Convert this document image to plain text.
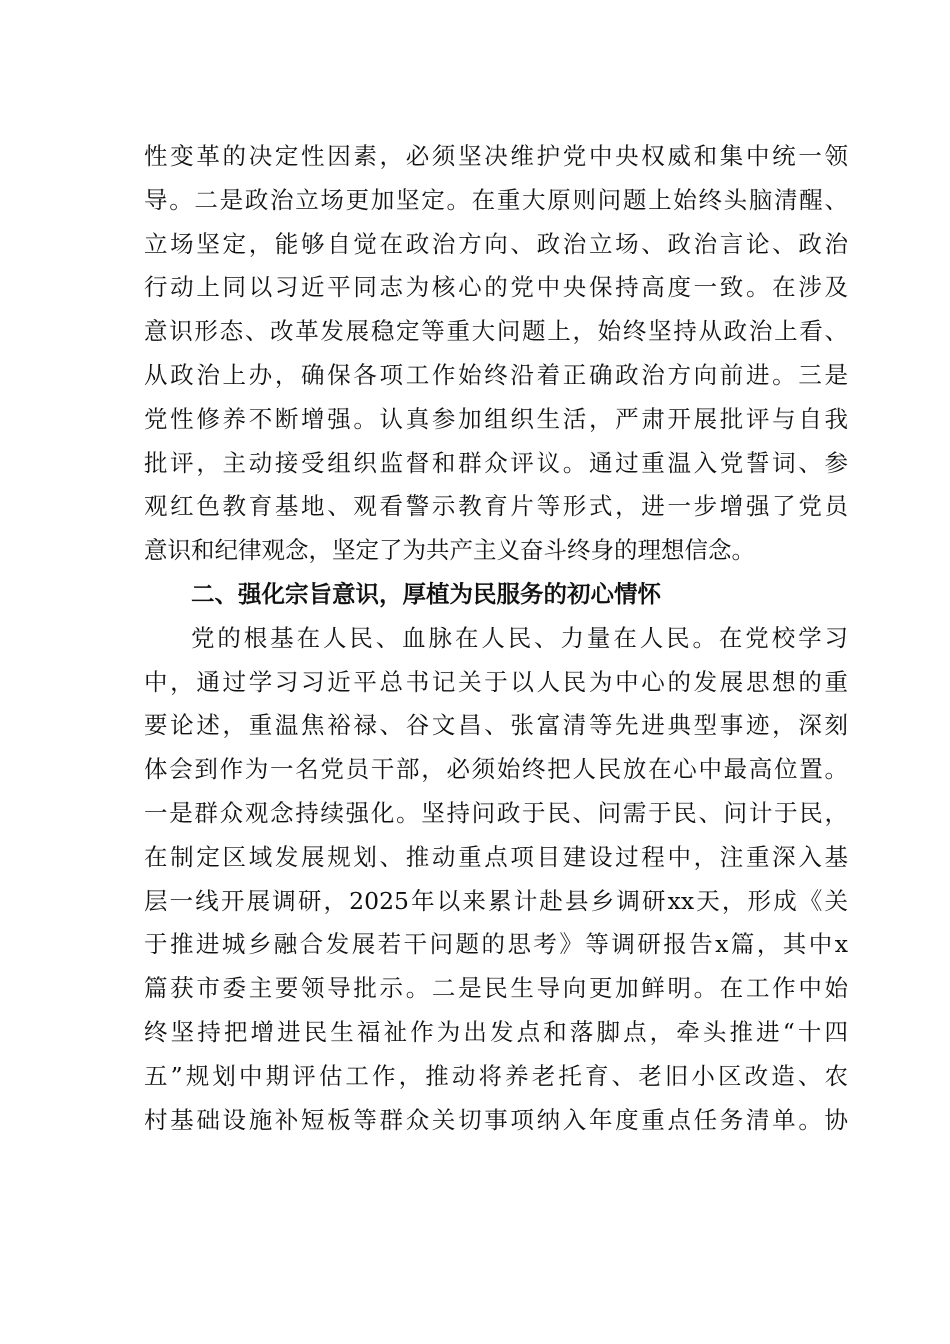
性变革的决定性因素，必须坚决维护党中央权威和集中统一领
导。二是政治立场更加坚定。在重大原则问题上始终头脑清醒、
立场坚定，能够自觉在政治方向、政治立场、政治言论、政治
行动上同以习近平同志为核心的党中央保持高度一致。在涉及
意识形态、改革发展稳定等重大问题上，始终坚持从政治上看、
从政治上办，确保各项工作始终沿着正确政治方向前进。三是
党性修养不断增强。认真参加组织生活，严肃开展批评与自我
批评，主动接受组织监督和群众评议。通过重温入党誓词、参
观红色教育基地、观看警示教育片等形式，进一步增强了党员
意识和纪律观念，坚定了为共产主义奋斗终身的理想信念。
二、强化宗旨意识，厚植为民服务的初心情怀
党的根基在人民、血脉在人民、力量在人民。在党校学习
中，通过学习习近平总书记关于以人民为中心的发展思想的重
要论述，重温焦裕禄、谷文昌、张富清等先进典型事迹，深刻
体会到作为一名党员干部，必须始终把人民放在心中最高位置。
一是群众观念持续强化。坚持问政于民、问需于民、问计于民，
在制定区域发展规划、推动重点项目建设过程中，注重深入基
层一线开展调研，2025年以来累计赴县乡调研xx天，形成《关
于推进城乡融合发展若干问题的思考》等调研报告x篇，其中x
篇获市委主要领导批示。二是民生导向更加鲜明。在工作中始
终坚持把增进民生福祉作为出发点和落脚点，牵头推进“十四
五”规划中期评估工作，推动将养老托育、老旧小区改造、农
村基础设施补短板等群众关切事项纳入年度重点任务清单。协
